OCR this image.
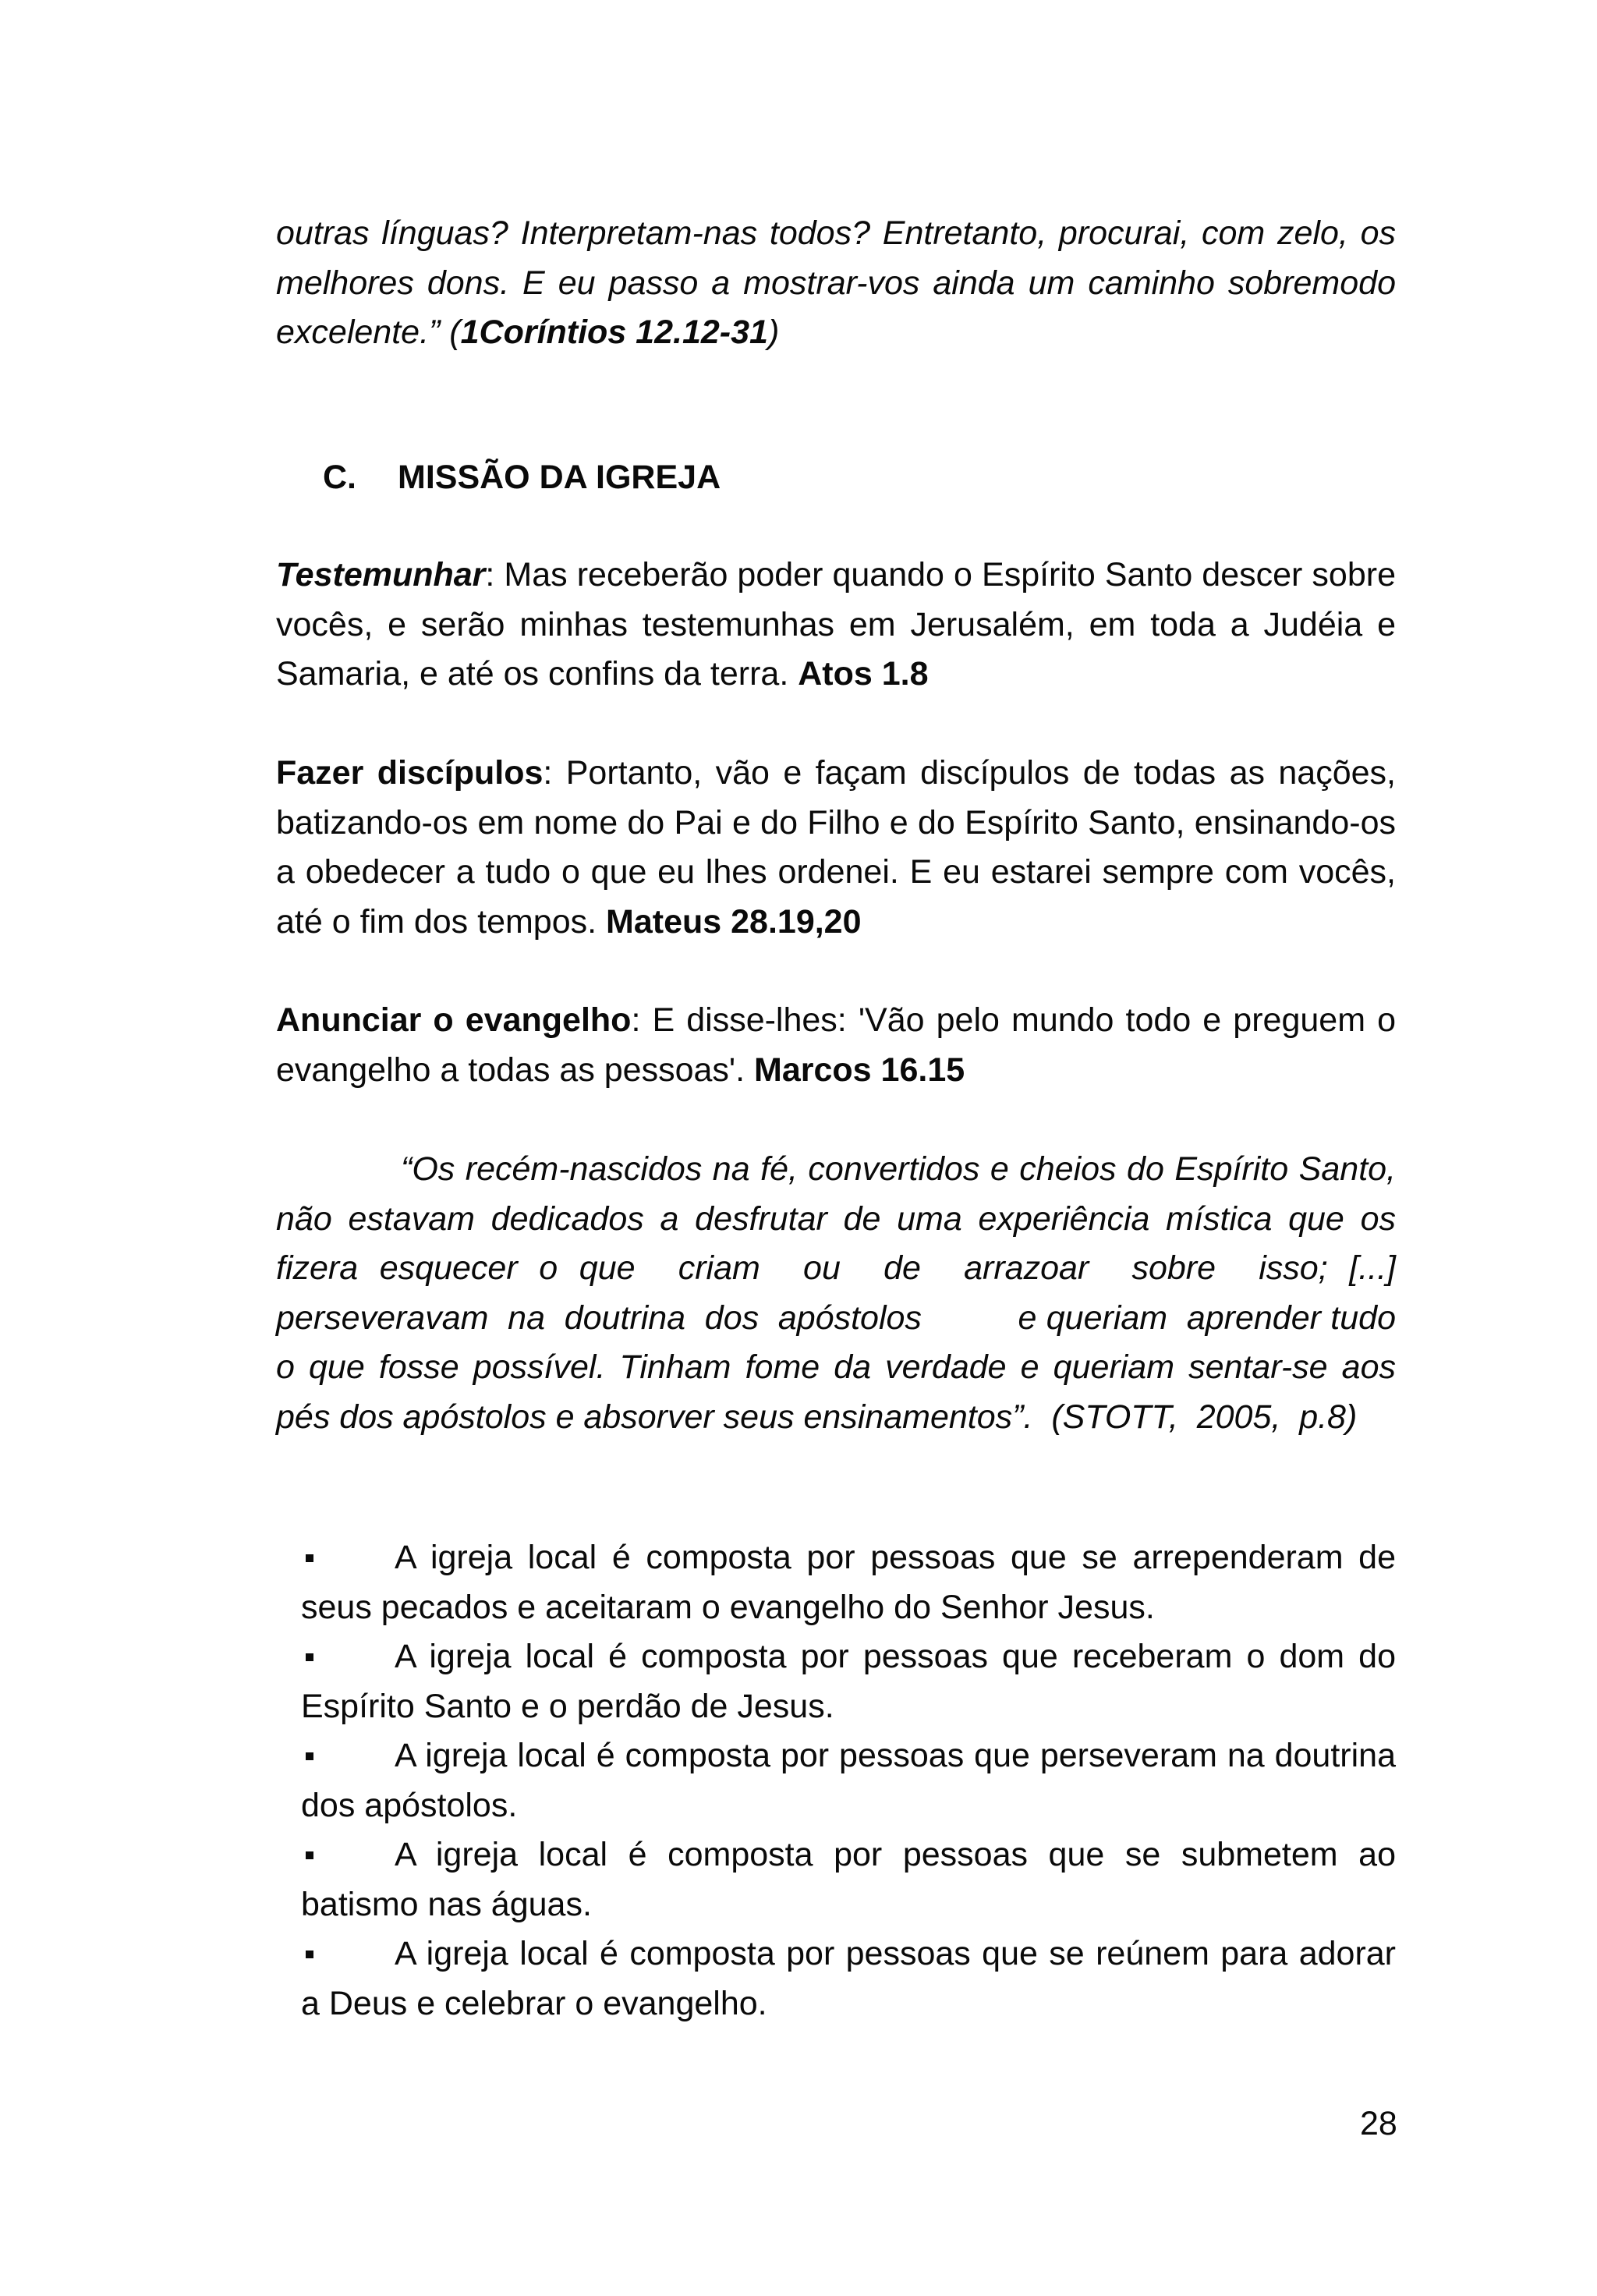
outras línguas? Interpretam-nas todos? Entretanto, procurai, com zelo, os melhores dons. E eu passo a mostrar-vos ainda um caminho sobremodo excelente.” (1Coríntios 12.12-31)

C. MISSÃO DA IGREJA

Testemunhar: Mas receberão poder quando o Espírito Santo descer sobre vocês, e serão minhas testemunhas em Jerusalém, em toda a Judéia e Samaria, e até os confins da terra. Atos 1.8

Fazer discípulos: Portanto, vão e façam discípulos de todas as nações, batizando-os em nome do Pai e do Filho e do Espírito Santo, ensinando-os a obedecer a tudo o que eu lhes ordenei. E eu estarei sempre com vocês, até o fim dos tempos. Mateus 28.19,20

Anunciar o evangelho: E disse-lhes: 'Vão pelo mundo todo e preguem o evangelho a todas as pessoas'. Marcos 16.15

“Os recém-nascidos na fé, convertidos e cheios do Espírito Santo, não estavam dedicados a desfrutar de uma experiência mística que os fizera esquecer o que  criam  ou  de  arrazoar  sobre  isso; [...] perseveravam  na  doutrina  dos  apóstolos          e queriam  aprender tudo o que fosse possível. Tinham fome da verdade e queriam sentar-se aos pés dos apóstolos e absorver seus ensinamentos”.  (STOTT,  2005,  p.8)

A igreja local é composta por pessoas que se arrependeram de seus pecados e aceitaram o evangelho do Senhor Jesus.
A igreja local é composta por pessoas que receberam o dom do Espírito Santo e o perdão de Jesus.
A igreja local é composta por pessoas que perseveram na doutrina dos apóstolos.
A igreja local é composta por pessoas que se submetem ao batismo nas águas.
A igreja local é composta por pessoas que se reúnem para adorar a Deus e celebrar o evangelho.
28
